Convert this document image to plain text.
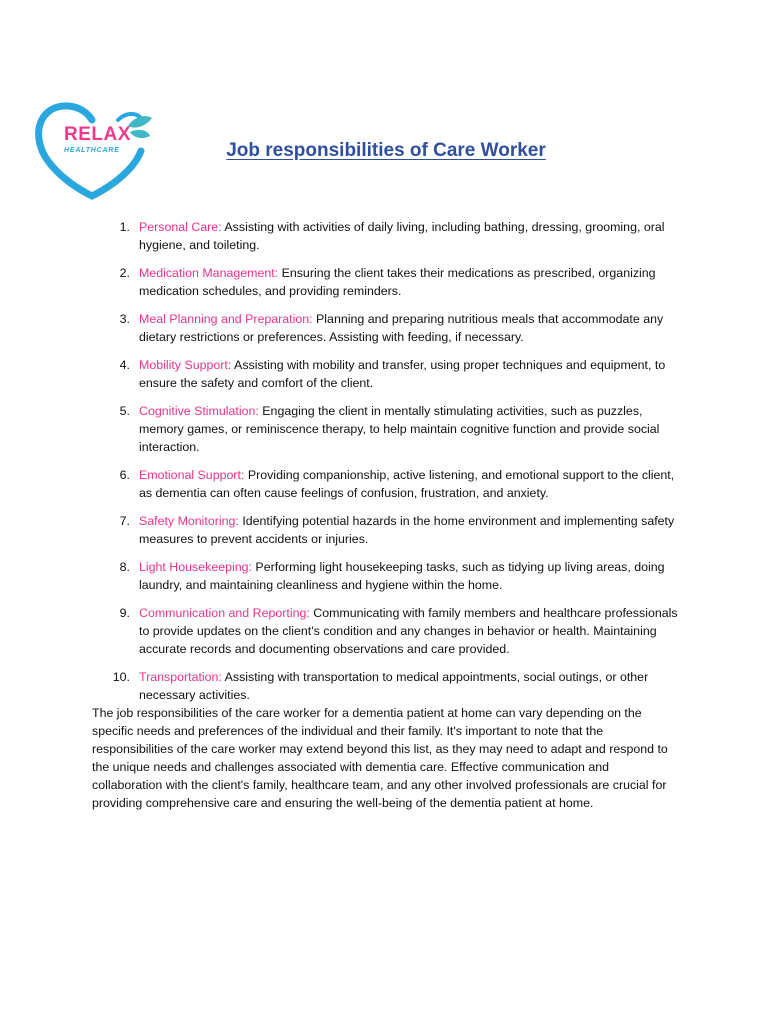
RELAX
HEALTHCARE	Job responsibilities of Care Worker
1. Personal Care: Assisting with activities of daily living, including bathing, dressing, grooming, oral hygiene, and toileting.
2. Medication Management: Ensuring the client takes their medications as prescribed, organizing medication schedules, and providing reminders.
3. Meal Planning and Preparation: Planning and preparing nutritious meals that accommodate any dietary restrictions or preferences. Assisting with feeding, if necessary.
4. Mobility Support: Assisting with mobility and transfer, using proper techniques and equipment, to ensure the safety and comfort of the client.
5. Cognitive Stimulation: Engaging the client in mentally stimulating activities, such as puzzles, memory games, or reminiscence therapy, to help maintain cognitive function and provide social interaction.
6. Emotional Support: Providing companionship, active listening, and emotional support to the client, as dementia can often cause feelings of confusion, frustration, and anxiety.
7. Safety Monitoring: Identifying potential hazards in the home environment and implementing safety measures to prevent accidents or injuries.
8. Light Housekeeping: Performing light housekeeping tasks, such as tidying up living areas, doing laundry, and maintaining cleanliness and hygiene within the home.
9. Communication and Reporting: Communicating with family members and healthcare professionals to provide updates on the client's condition and any changes in behavior or health. Maintaining accurate records and documenting observations and care provided.
10. Transportation: Assisting with transportation to medical appointments, social outings, or other necessary activities.

The job responsibilities of the care worker for a dementia patient at home can vary depending on the specific needs and preferences of the individual and their family. It's important to note that the responsibilities of the care worker may extend beyond this list, as they may need to adapt and respond to the unique needs and challenges associated with dementia care. Effective communication and collaboration with the client's family, healthcare team, and any other involved professionals are crucial for providing comprehensive care and ensuring the well-being of the dementia patient at home.
